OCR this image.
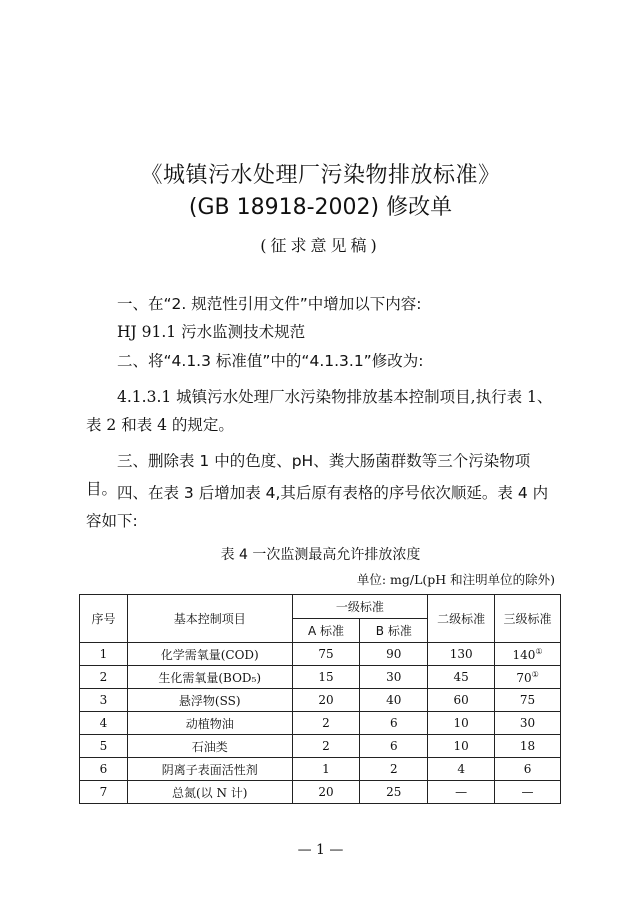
《城镇污水处理厂污染物排放标准》
(GB 18918-2002) 修改单
(征求意见稿)
一、在“2. 规范性引用文件”中增加以下内容:
HJ 91.1 污水监测技术规范
二、将“4.1.3 标准值”中的“4.1.3.1”修改为:
4.1.3.1 城镇污水处理厂水污染物排放基本控制项目,执行表 1、表 2 和表 4 的规定。
三、删除表 1 中的色度、pH、粪大肠菌群数等三个污染物项目。 四、在表 3 后增加表 4,其后原有表格的序号依次顺延。表 4 内容如下:
表 4 一次监测最高允许排放浓度
单位: mg/L(pH 和注明单位的除外)
序号	基本控制项目	一级标准		二级标准	三级标准
		A 标准	B 标准		
1	化学需氧量(COD)	75	90	130	140①
2	生化需氧量(BOD₅)	15	30	45	70①
3	悬浮物(SS)	20	40	60	75
4	动植物油	2	6	10	30
5	石油类	2	6	10	18
6	阴离子表面活性剂	1	2	4	6
7	总氮(以 N 计)	20	25	—	—
— 1 —
